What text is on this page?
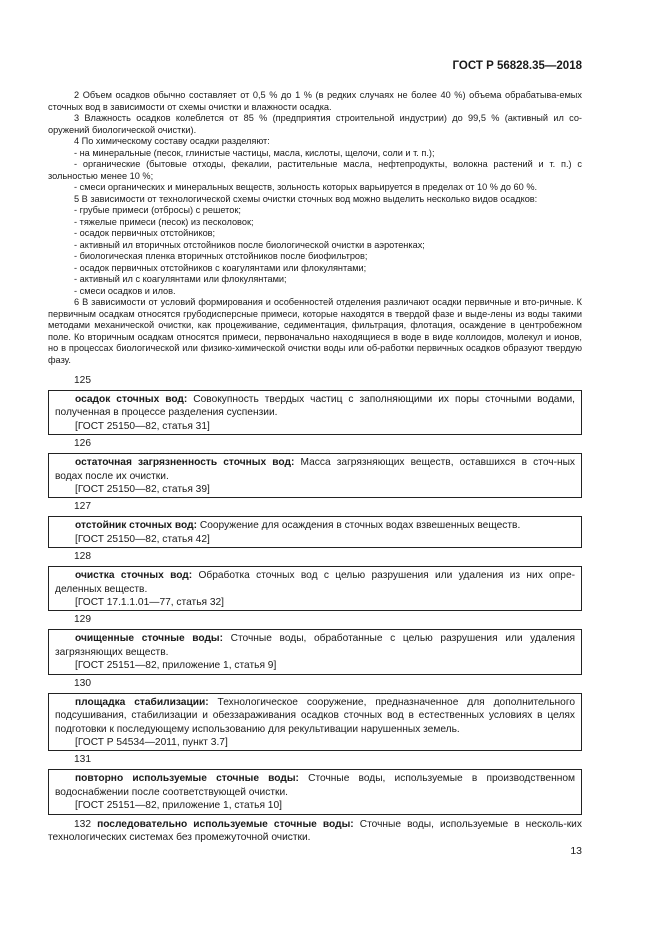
ГОСТ Р 56828.35—2018

2 Объем осадков обычно составляет от 0,5 % до 1 % (в редких случаях не более 40 %) объема обрабатыва-емых сточных вод в зависимости от схемы очистки и влажности осадка.

3 Влажность осадков колеблется от 85 % (предприятия строительной индустрии) до 99,5 % (активный ил со-оружений биологической очистки).

4 По химическому составу осадки разделяют:

- на минеральные (песок, глинистые частицы, масла, кислоты, щелочи, соли и т. п.);

- органические (бытовые отходы, фекалии, растительные масла, нефтепродукты, волокна растений и т. п.) с зольностью менее 10 %;

- смеси органических и минеральных веществ, зольность которых варьируется в пределах от 10 % до 60 %.

5 В зависимости от технологической схемы очистки сточных вод можно выделить несколько видов осадков:

- грубые примеси (отбросы) с решеток;

- тяжелые примеси (песок) из песколовок;

- осадок первичных отстойников;

- активный ил вторичных отстойников после биологической очистки в аэротенках;

- биологическая пленка вторичных отстойников после биофильтров;

- осадок первичных отстойников с коагулянтами или флокулянтами;

- активный ил с коагулянтами или флокулянтами;

- смеси осадков и илов.

6 В зависимости от условий формирования и особенностей отделения различают осадки первичные и вто-ричные. К первичным осадкам относятся грубодисперсные примеси, которые находятся в твердой фазе и выде-лены из воды такими методами механической очистки, как процеживание, седиментация, фильтрация, флотация, осаждение в центробежном поле. Ко вторичным осадкам относятся примеси, первоначально находящиеся в воде в виде коллоидов, молекул и ионов, но в процессах биологической или физико-химической очистки воды или об-работки первичных осадков образуют твердую фазу.

125

осадок сточных вод: Совокупность твердых частиц с заполняющими их поры сточными водами, полученная в процессе разделения суспензии.

[ГОСТ 25150—82, статья 31]

126

остаточная загрязненность сточных вод: Масса загрязняющих веществ, оставшихся в сточ-ных водах после их очистки.

[ГОСТ 25150—82, статья 39]

127

отстойник сточных вод: Сооружение для осаждения в сточных водах взвешенных веществ.

[ГОСТ 25150—82, статья 42]

128

очистка сточных вод: Обработка сточных вод с целью разрушения или удаления из них опре-деленных веществ.

[ГОСТ 17.1.1.01—77, статья 32]

129

очищенные сточные воды: Сточные воды, обработанные с целью разрушения или удаления загрязняющих веществ.

[ГОСТ 25151—82, приложение 1, статья 9]

130

площадка стабилизации: Технологическое сооружение, предназначенное для дополнительного подсушивания, стабилизации и обеззараживания осадков сточных вод в естественных условиях в целях подготовки к последующему использованию для рекультивации нарушенных земель.

[ГОСТ Р 54534—2011, пункт 3.7]

131

повторно используемые сточные воды: Сточные воды, используемые в производственном водоснабжении после соответствующей очистки.

[ГОСТ 25151—82, приложение 1, статья 10]

132 последовательно используемые сточные воды: Сточные воды, используемые в несколь-ких технологических системах без промежуточной очистки.

13
